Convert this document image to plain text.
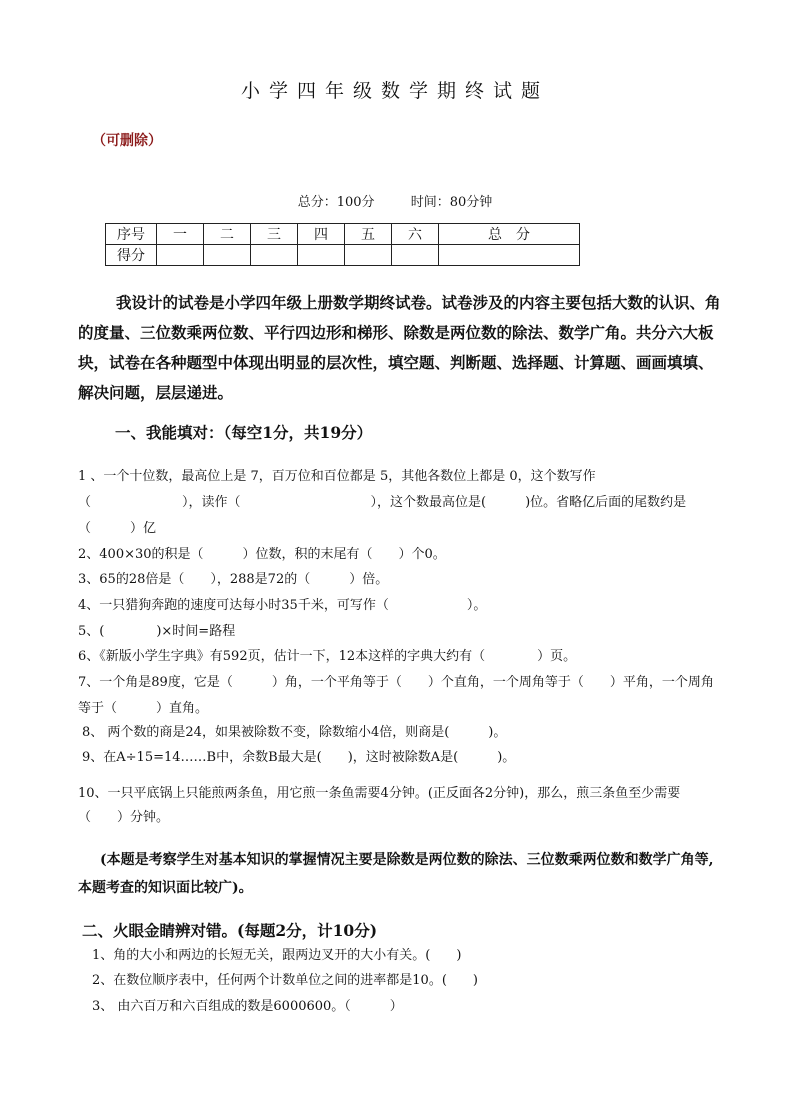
小学四年级数学期终试题
（可删除）
总分：100分	时间：80分钟
序号	一	二	三	四	五	六	总　分
得分							
我设计的试卷是小学四年级上册数学期终试卷。试卷涉及的内容主要包括大数的认识、角的度量、三位数乘两位数、平行四边形和梯形、除数是两位数的除法、数学广角。共分六大板块，试卷在各种题型中体现出明显的层次性，填空题、判断题、选择题、计算题、画画填填、解决问题，层层递进。
一、我能填对：（每空1分，共19分）
1 、一个十位数，最高位上是 7，百万位和百位都是 5，其他各数位上都是 0，这个数写作（　　　　　　　），读作（　　　　　　　　　　），这个数最高位是(　　　)位。省略亿后面的尾数约是（　　　）亿
2、400×30的积是（　　　）位数，积的末尾有（　　）个0。
3、65的28倍是（　　），288是72的（　　　）倍。
4、一只猎狗奔跑的速度可达每小时35千米，可写作（　　　　　　）。
5、(　　　　)×时间=路程
6、《新版小学生字典》有592页，估计一下，12本这样的字典大约有（　　　　）页。
7、一个角是89度，它是（　　　）角，一个平角等于（　　）个直角，一个周角等于（　　）平角，一个周角等于（　　　）直角。
8、 两个数的商是24，如果被除数不变，除数缩小4倍，则商是(　　　)。
9、在A÷15=14……B中，余数B最大是(　　)，这时被除数A是(　　　)。
10、一只平底锅上只能煎两条鱼，用它煎一条鱼需要4分钟。(正反面各2分钟)，那么，煎三条鱼至少需要（　　）分钟。
(本题是考察学生对基本知识的掌握情况主要是除数是两位数的除法、三位数乘两位数和数学广角等,本题考查的知识面比较广)。
二、火眼金睛辨对错。(每题2分，计10分)
1、角的大小和两边的长短无关，跟两边叉开的大小有关。(　　)
2、在数位顺序表中，任何两个计数单位之间的进率都是10。(　　)
3、 由六百万和六百组成的数是6000600。（　　　）
